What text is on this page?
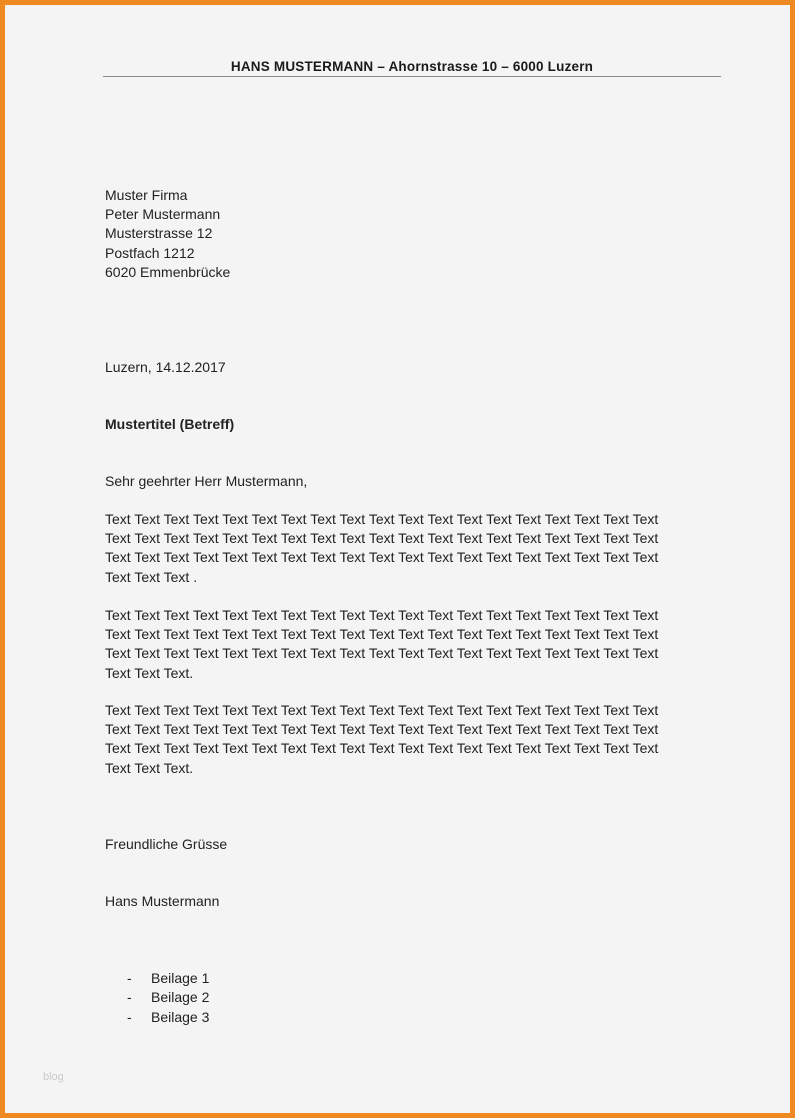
HANS MUSTERMANN – Ahornstrasse 10 – 6000 Luzern
Muster Firma
Peter Mustermann
Musterstrasse 12
Postfach 1212
6020 Emmenbrücke
Luzern, 14.12.2017
Mustertitel (Betreff)
Sehr geehrter Herr Mustermann,
Text Text Text Text Text Text Text Text Text Text Text Text Text Text Text Text Text Text Text
Text Text Text Text Text Text Text Text Text Text Text Text Text Text Text Text Text Text Text
Text Text Text Text Text Text Text Text Text Text Text Text Text Text Text Text Text Text Text
Text Text Text .
Text Text Text Text Text Text Text Text Text Text Text Text Text Text Text Text Text Text Text
Text Text Text Text Text Text Text Text Text Text Text Text Text Text Text Text Text Text Text
Text Text Text Text Text Text Text Text Text Text Text Text Text Text Text Text Text Text Text
Text Text Text.
Text Text Text Text Text Text Text Text Text Text Text Text Text Text Text Text Text Text Text
Text Text Text Text Text Text Text Text Text Text Text Text Text Text Text Text Text Text Text
Text Text Text Text Text Text Text Text Text Text Text Text Text Text Text Text Text Text Text
Text Text Text.
Freundliche Grüsse
Hans Mustermann
-	Beilage 1
-	Beilage 2
-	Beilage 3
blog
